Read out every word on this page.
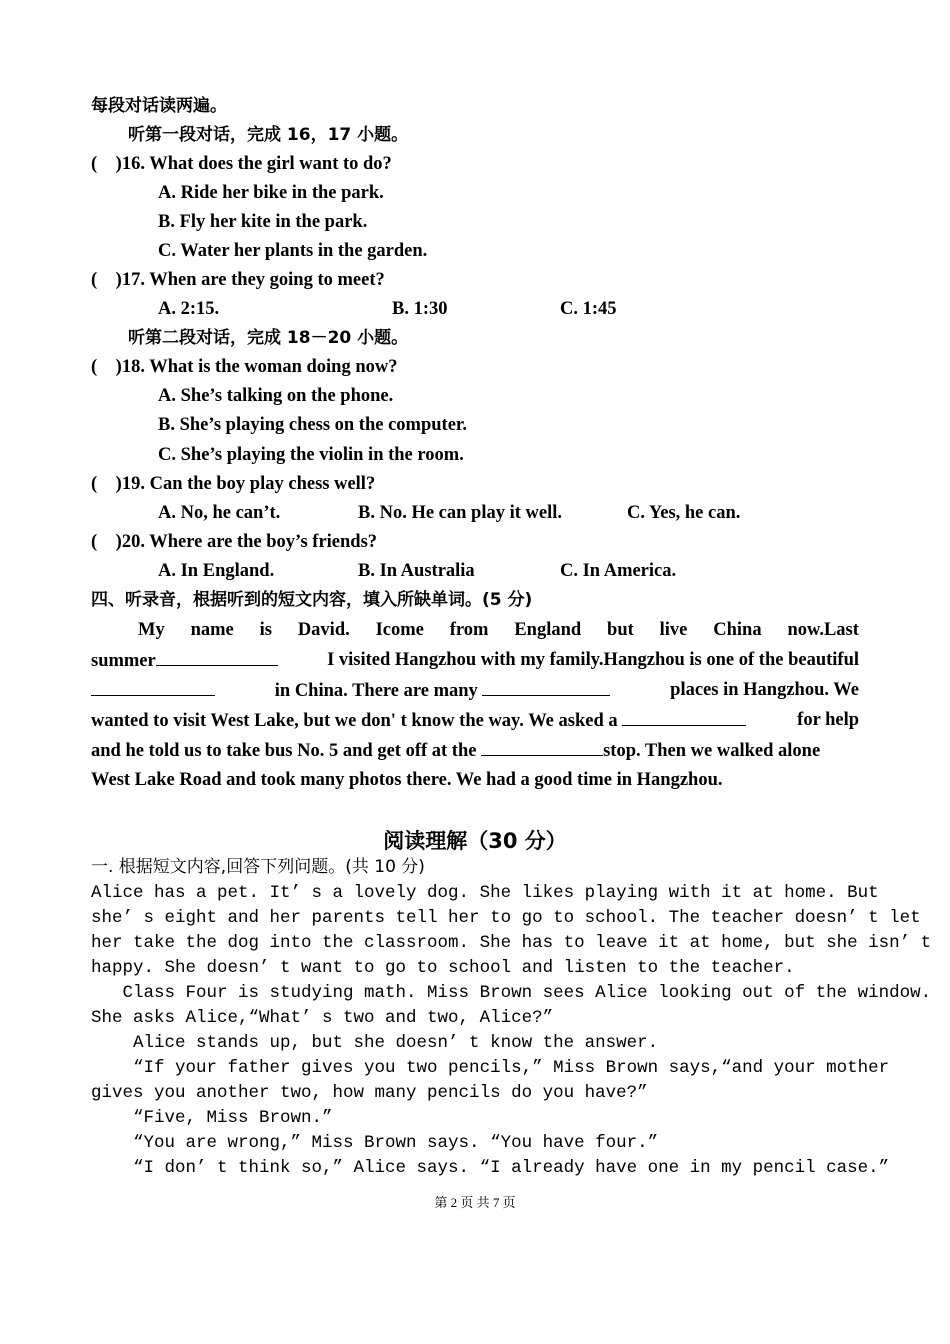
每段对话读两遍。
听第一段对话，完成 16，17 小题。
(    )16. What does the girl want to do?
A. Ride her bike in the park.
B. Fly her kite in the park.
C. Water her plants in the garden.
(    )17. When are they going to meet?
A. 2:15.	B. 1:30	C. 1:45
听第二段对话，完成 18－20 小题。
(    )18. What is the woman doing now?
A. She’s talking on the phone.
B. She’s playing chess on the computer.
C. She’s playing the violin in the room.
(    )19. Can the boy play chess well?
A. No, he can’t.	B. No. He can play it well.	C. Yes, he can.
(    )20. Where are the boy’s friends?
A. In England.	B. In Australia	C. In America.
四、听录音，根据听到的短文内容，填入所缺单词。(5 分)
My name is David. Icome from England but live China now.Last
summer	I visited Hangzhou with my family.Hangzhou is one of the beautiful
in China. There are many	places in Hangzhou. We
wanted to visit West Lake, but we don' t know the way. We asked a	for help
and he told us to take bus No. 5 and get off at the	stop. Then we walked alone
West Lake Road and took many photos there. We had a good time in Hangzhou.
阅读理解（30 分）
一. 根据短文内容,回答下列问题。(共 10 分)
Alice has a pet. It’ s a lovely dog. She likes playing with it at home. But
she’ s eight and her parents tell her to go to school. The teacher doesn’ t let
her take the dog into the classroom. She has to leave it at home, but she isn’ t
happy. She doesn’ t want to go to school and listen to the teacher.
Class Four is studying math. Miss Brown sees Alice looking out of the window.
She asks Alice,“What’ s two and two, Alice?”
Alice stands up, but she doesn’ t know the answer.
“If your father gives you two pencils,” Miss Brown says,“and your mother
gives you another two, how many pencils do you have?”
“Five, Miss Brown.”
“You are wrong,” Miss Brown says. “You have four.”
“I don’ t think so,” Alice says. “I already have one in my pencil case.”
第 2 页 共 7 页
